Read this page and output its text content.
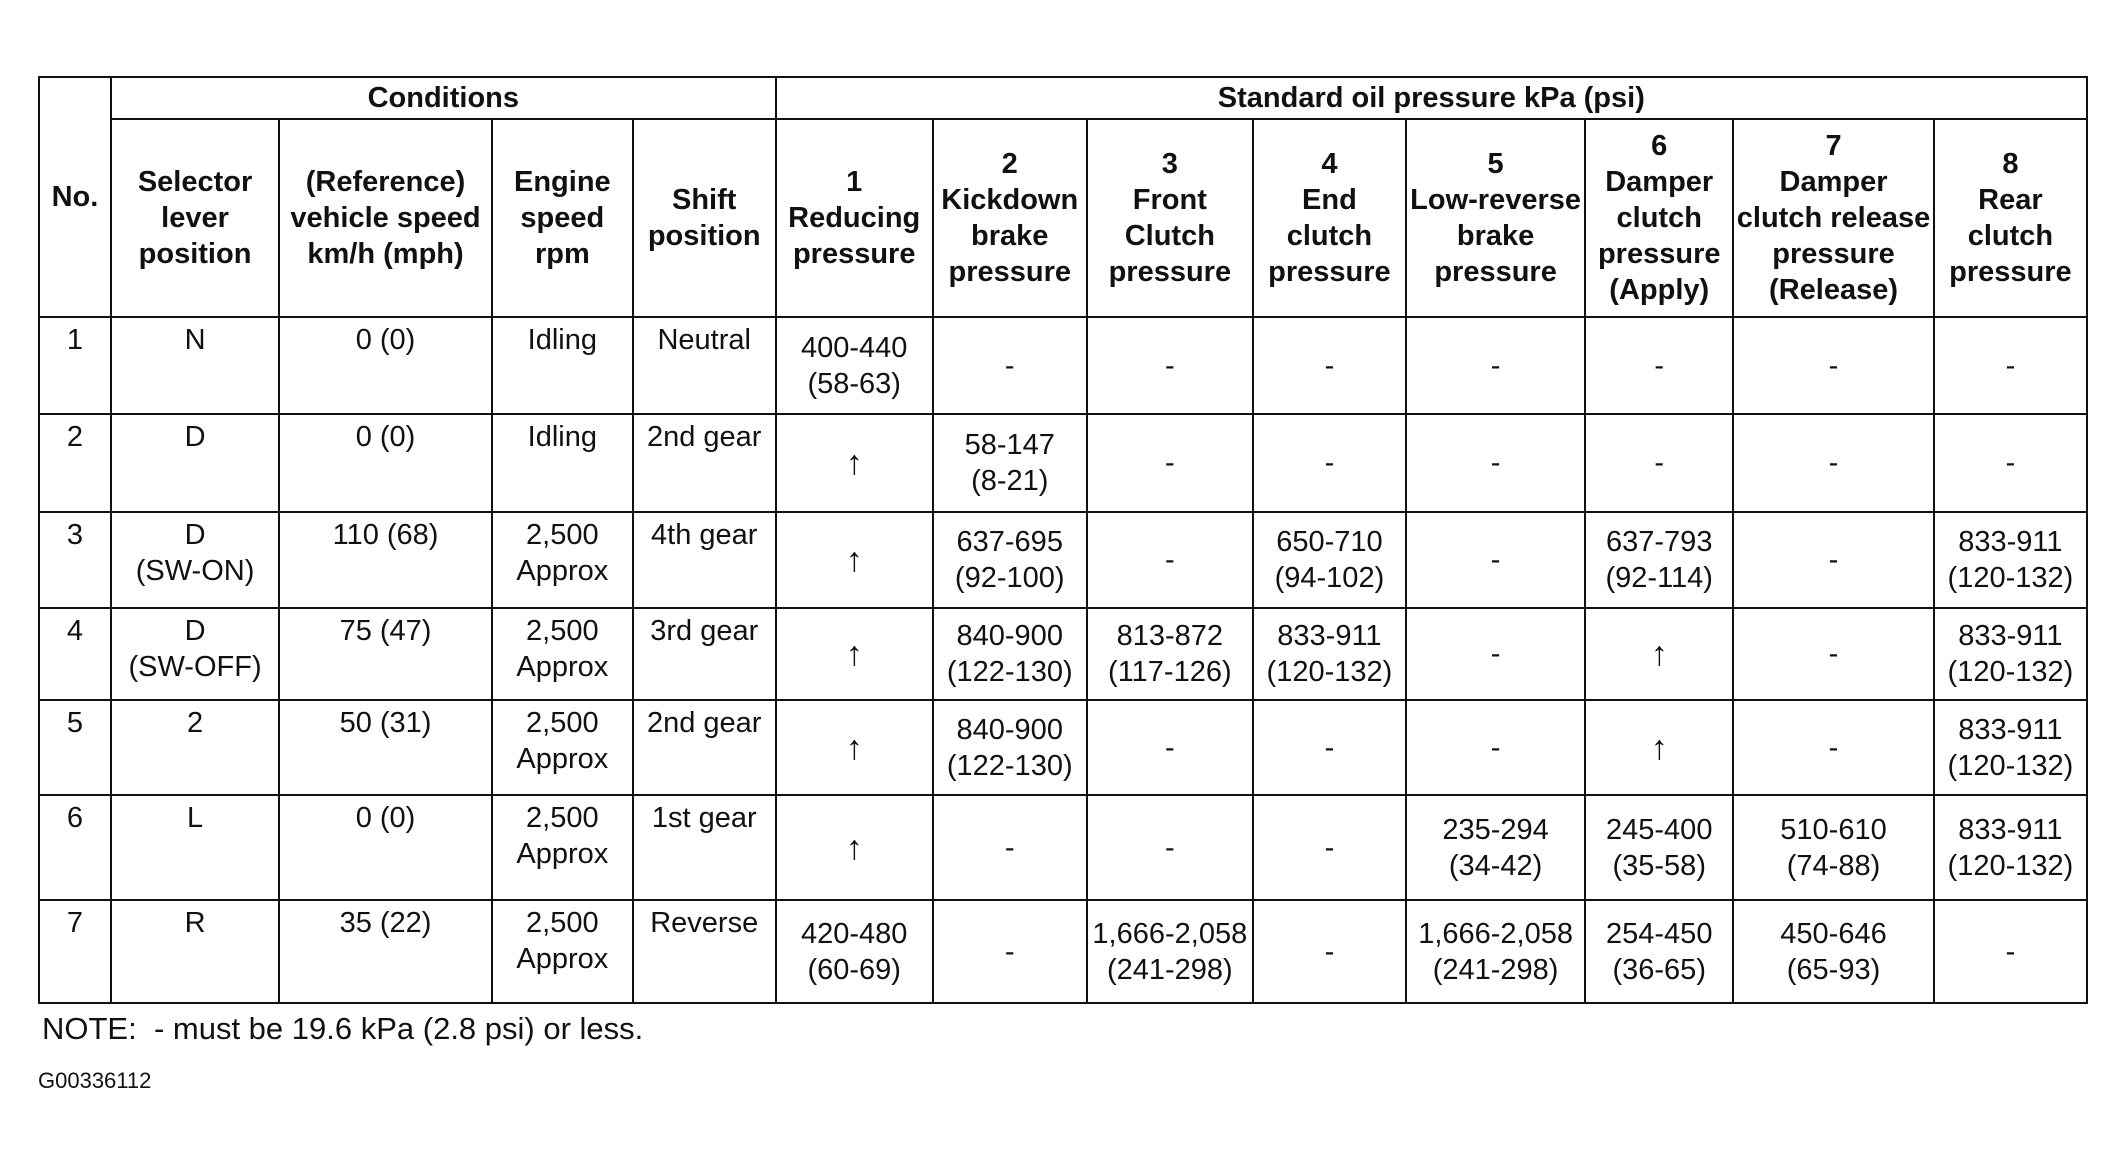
No.	Conditions				Standard oil pressure kPa (psi)							
	Selector
lever
position	(Reference)
vehicle speed
km/h (mph)	Engine
speed
rpm	Shift
position	1
Reducing
pressure	2
Kickdown
brake
pressure	3
Front
Clutch
pressure	4
End
clutch
pressure	5
Low-reverse
brake
pressure	6
Damper
clutch
pressure
(Apply)	7
Damper
clutch release
pressure
(Release)	8
Rear
clutch
pressure
1	N	0 (0)	Idling	Neutral	400-440
(58-63)	-	-	-	-	-	-	-
2	D	0 (0)	Idling	2nd gear	↑	58-147
(8-21)	-	-	-	-	-	-
3	D
(SW-ON)	110 (68)	2,500
Approx	4th gear	↑	637-695
(92-100)	-	650-710
(94-102)	-	637-793
(92-114)	-	833-911
(120-132)
4	D
(SW-OFF)	75 (47)	2,500
Approx	3rd gear	↑	840-900
(122-130)	813-872
(117-126)	833-911
(120-132)	-	↑	-	833-911
(120-132)
5	2	50 (31)	2,500
Approx	2nd gear	↑	840-900
(122-130)	-	-	-	↑	-	833-911
(120-132)
6	L	0 (0)	2,500
Approx	1st gear	↑	-	-	-	235-294
(34-42)	245-400
(35-58)	510-610
(74-88)	833-911
(120-132)
7	R	35 (22)	2,500
Approx	Reverse	420-480
(60-69)	-	1,666-2,058
(241-298)	-	1,666-2,058
(241-298)	254-450
(36-65)	450-646
(65-93)	-
NOTE:  - must be 19.6 kPa (2.8 psi) or less.
G00336112
